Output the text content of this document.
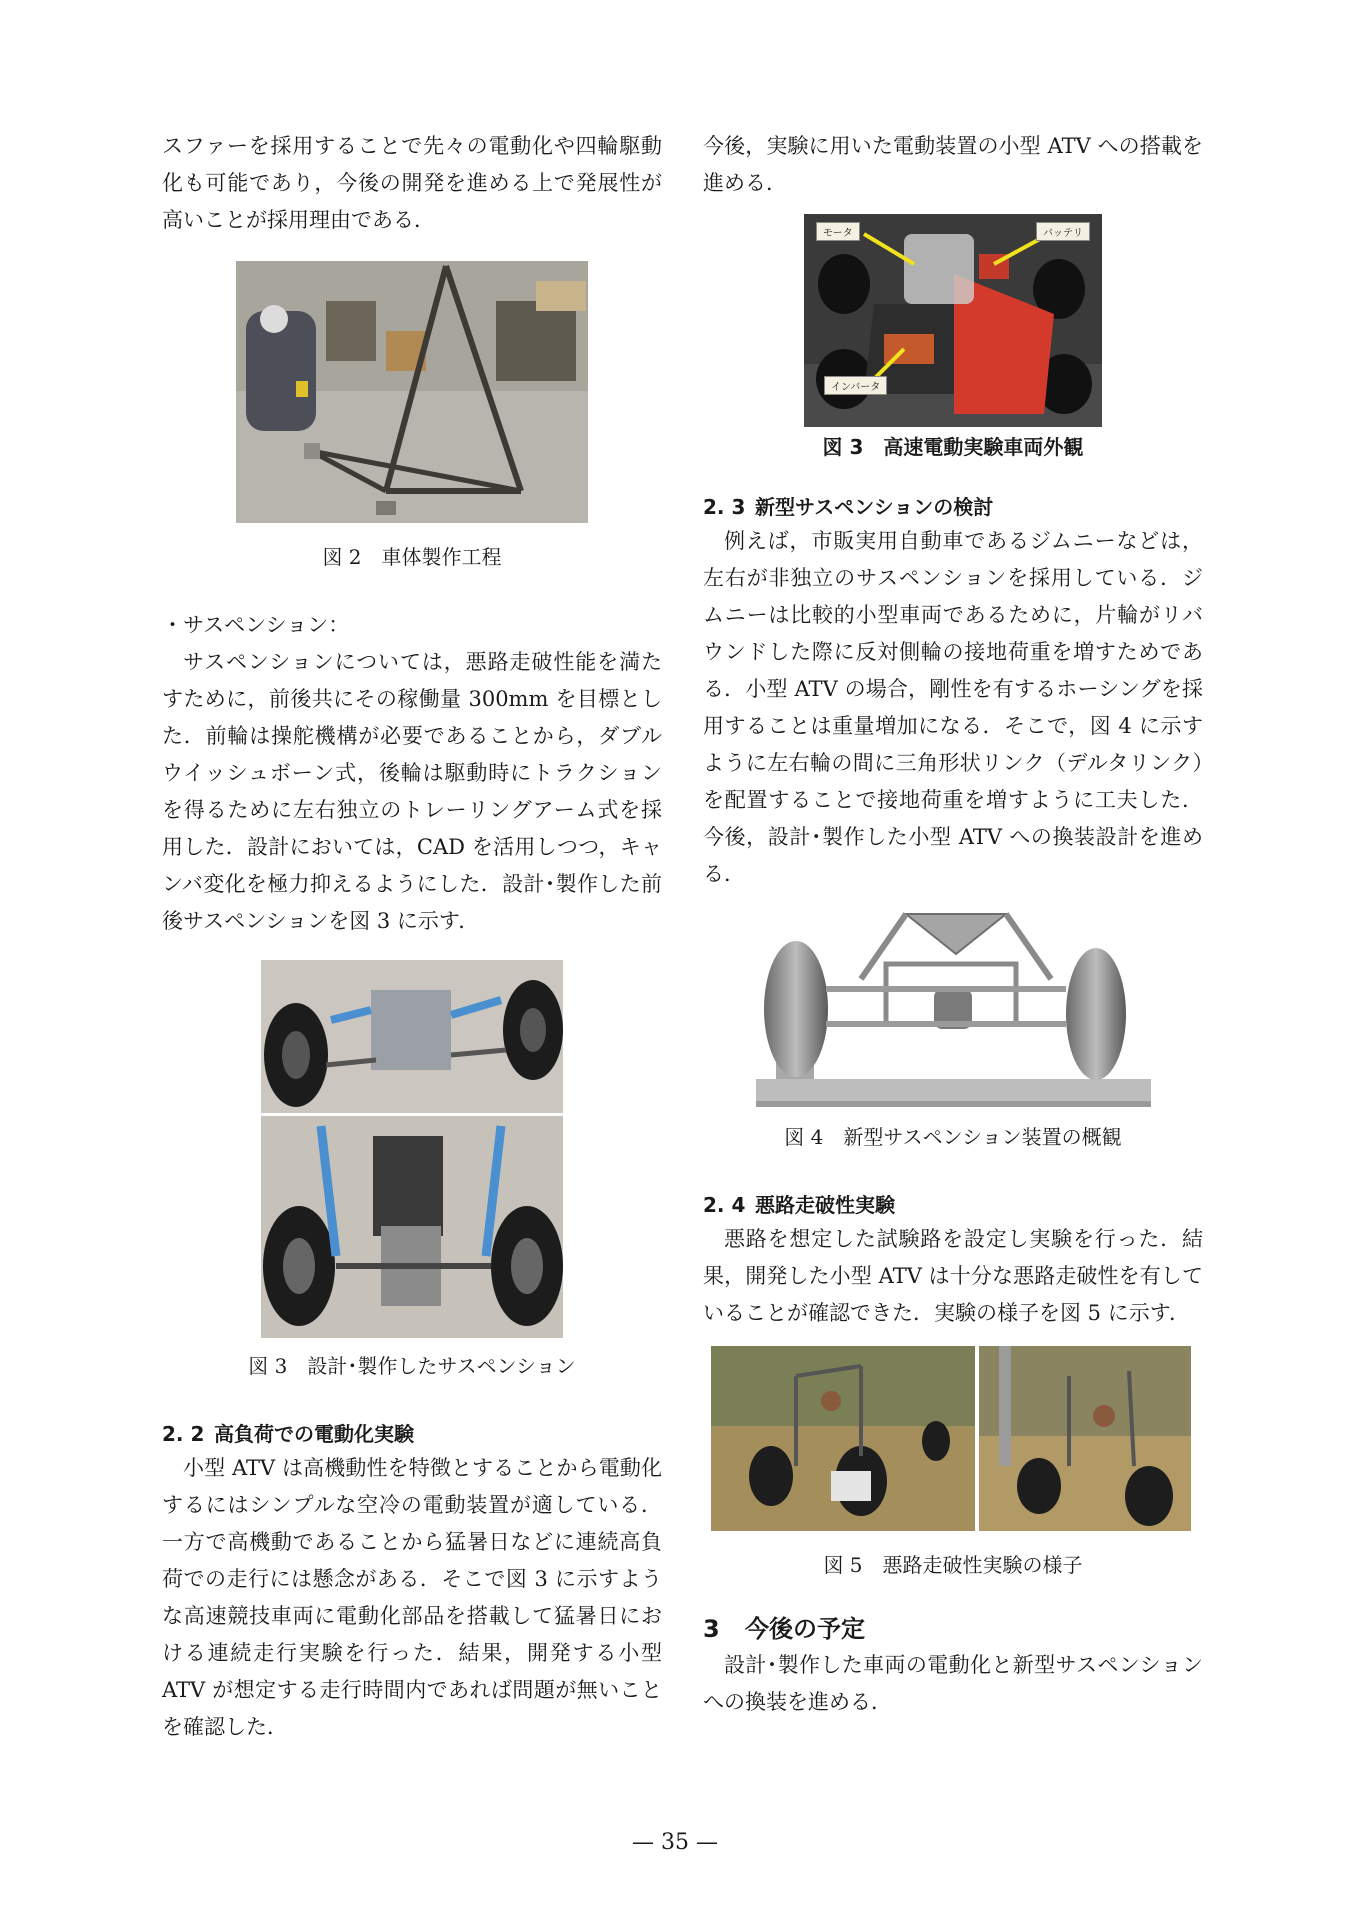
スファーを採用することで先々の電動化や四輪駆動化も可能であり，今後の開発を進める上で発展性が高いことが採用理由である．

図 2　車体製作工程

・サスペンション：

サスペンションについては，悪路走破性能を満たすために，前後共にその稼働量 300mm を目標とした．前輪は操舵機構が必要であることから，ダブルウイッシュボーン式，後輪は駆動時にトラクションを得るために左右独立のトレーリングアーム式を採用した．設計においては，CAD を活用しつつ，キャンバ変化を極力抑えるようにした．設計･製作した前後サスペンションを図 3 に示す．

図 3　設計･製作したサスペンション

2. 2 高負荷での電動化実験

小型 ATV は高機動性を特徴とすることから電動化するにはシンプルな空冷の電動装置が適している．一方で高機動であることから猛暑日などに連続高負荷での走行には懸念がある．そこで図 3 に示すような高速競技車両に電動化部品を搭載して猛暑日における連続走行実験を行った．結果，開発する小型 ATV が想定する走行時間内であれば問題が無いことを確認した．

今後，実験に用いた電動装置の小型 ATV への搭載を進める．

モータ	バッテリ
インバータ

図 3　高速電動実験車両外観

2. 3 新型サスペンションの検討

例えば，市販実用自動車であるジムニーなどは，左右が非独立のサスペンションを採用している．ジムニーは比較的小型車両であるために，片輪がリバウンドした際に反対側輪の接地荷重を増すためである．小型 ATV の場合，剛性を有するホーシングを採用することは重量増加になる．そこで，図 4 に示すように左右輪の間に三角形状リンク（デルタリンク）を配置することで接地荷重を増すように工夫した．今後，設計･製作した小型 ATV への換装設計を進める．

図 4　新型サスペンション装置の概観

2. 4 悪路走破性実験

悪路を想定した試験路を設定し実験を行った．結果，開発した小型 ATV は十分な悪路走破性を有していることが確認できた．実験の様子を図 5 に示す．

図 5　悪路走破性実験の様子

3 今後の予定

設計･製作した車両の電動化と新型サスペンションへの換装を進める．

— 35 —
